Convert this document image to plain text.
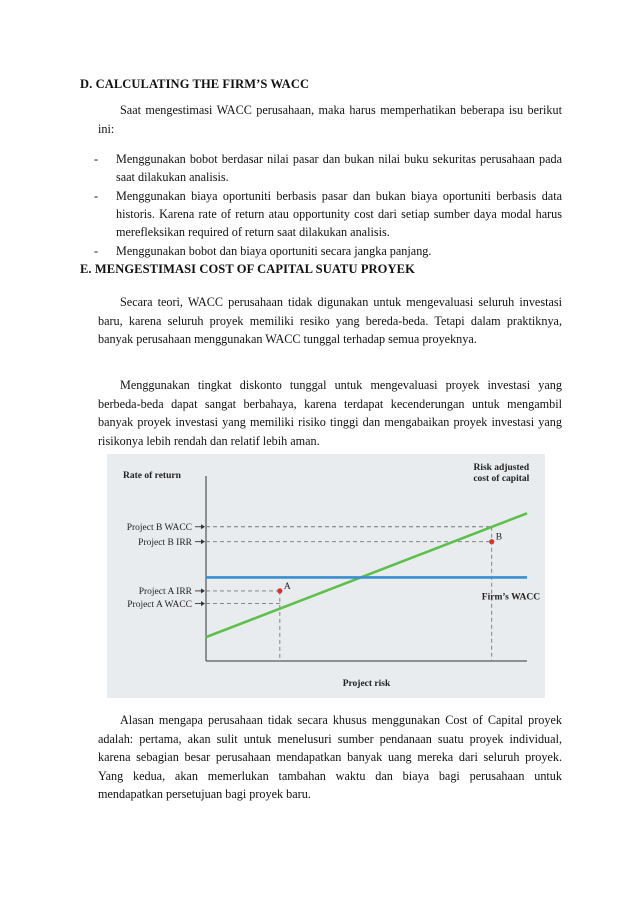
D. CALCULATING THE FIRM’S WACC
Saat mengestimasi WACC perusahaan, maka harus memperhatikan beberapa isu berikut ini:
- Menggunakan bobot berdasar nilai pasar dan bukan nilai buku sekuritas perusahaan pada saat dilakukan analisis.
- Menggunakan biaya oportuniti berbasis pasar dan bukan biaya oportuniti berbasis data historis. Karena rate of return atau opportunity cost dari setiap sumber daya modal harus merefleksikan required of return saat dilakukan analisis.
- Menggunakan bobot dan biaya oportuniti secara jangka panjang.
E. MENGESTIMASI COST OF CAPITAL SUATU PROYEK
Secara teori, WACC perusahaan tidak digunakan untuk mengevaluasi seluruh investasi baru, karena seluruh proyek memiliki resiko yang bereda-beda. Tetapi dalam praktiknya, banyak perusahaan menggunakan WACC tunggal terhadap semua proyeknya.
Menggunakan tingkat diskonto tunggal untuk mengevaluasi proyek investasi yang berbeda-beda dapat sangat berbahaya, karena terdapat kecenderungan untuk mengambil banyak proyek investasi yang memiliki risiko tinggi dan mengabaikan proyek investasi yang risikonya lebih rendah dan relatif lebih aman.
Rate of return
Project risk
Project B WACC
Project B IRR
Project A IRR
Project A WACC
Risk adjusted
cost of capital
Firm’s WACC
A
B
Alasan mengapa perusahaan tidak secara khusus menggunakan Cost of Capital proyek adalah: pertama, akan sulit untuk menelusuri sumber pendanaan suatu proyek individual, karena sebagian besar perusahaan mendapatkan banyak uang mereka dari seluruh proyek. Yang kedua, akan memerlukan tambahan waktu dan biaya bagi perusahaan untuk mendapatkan persetujuan bagi proyek baru.
